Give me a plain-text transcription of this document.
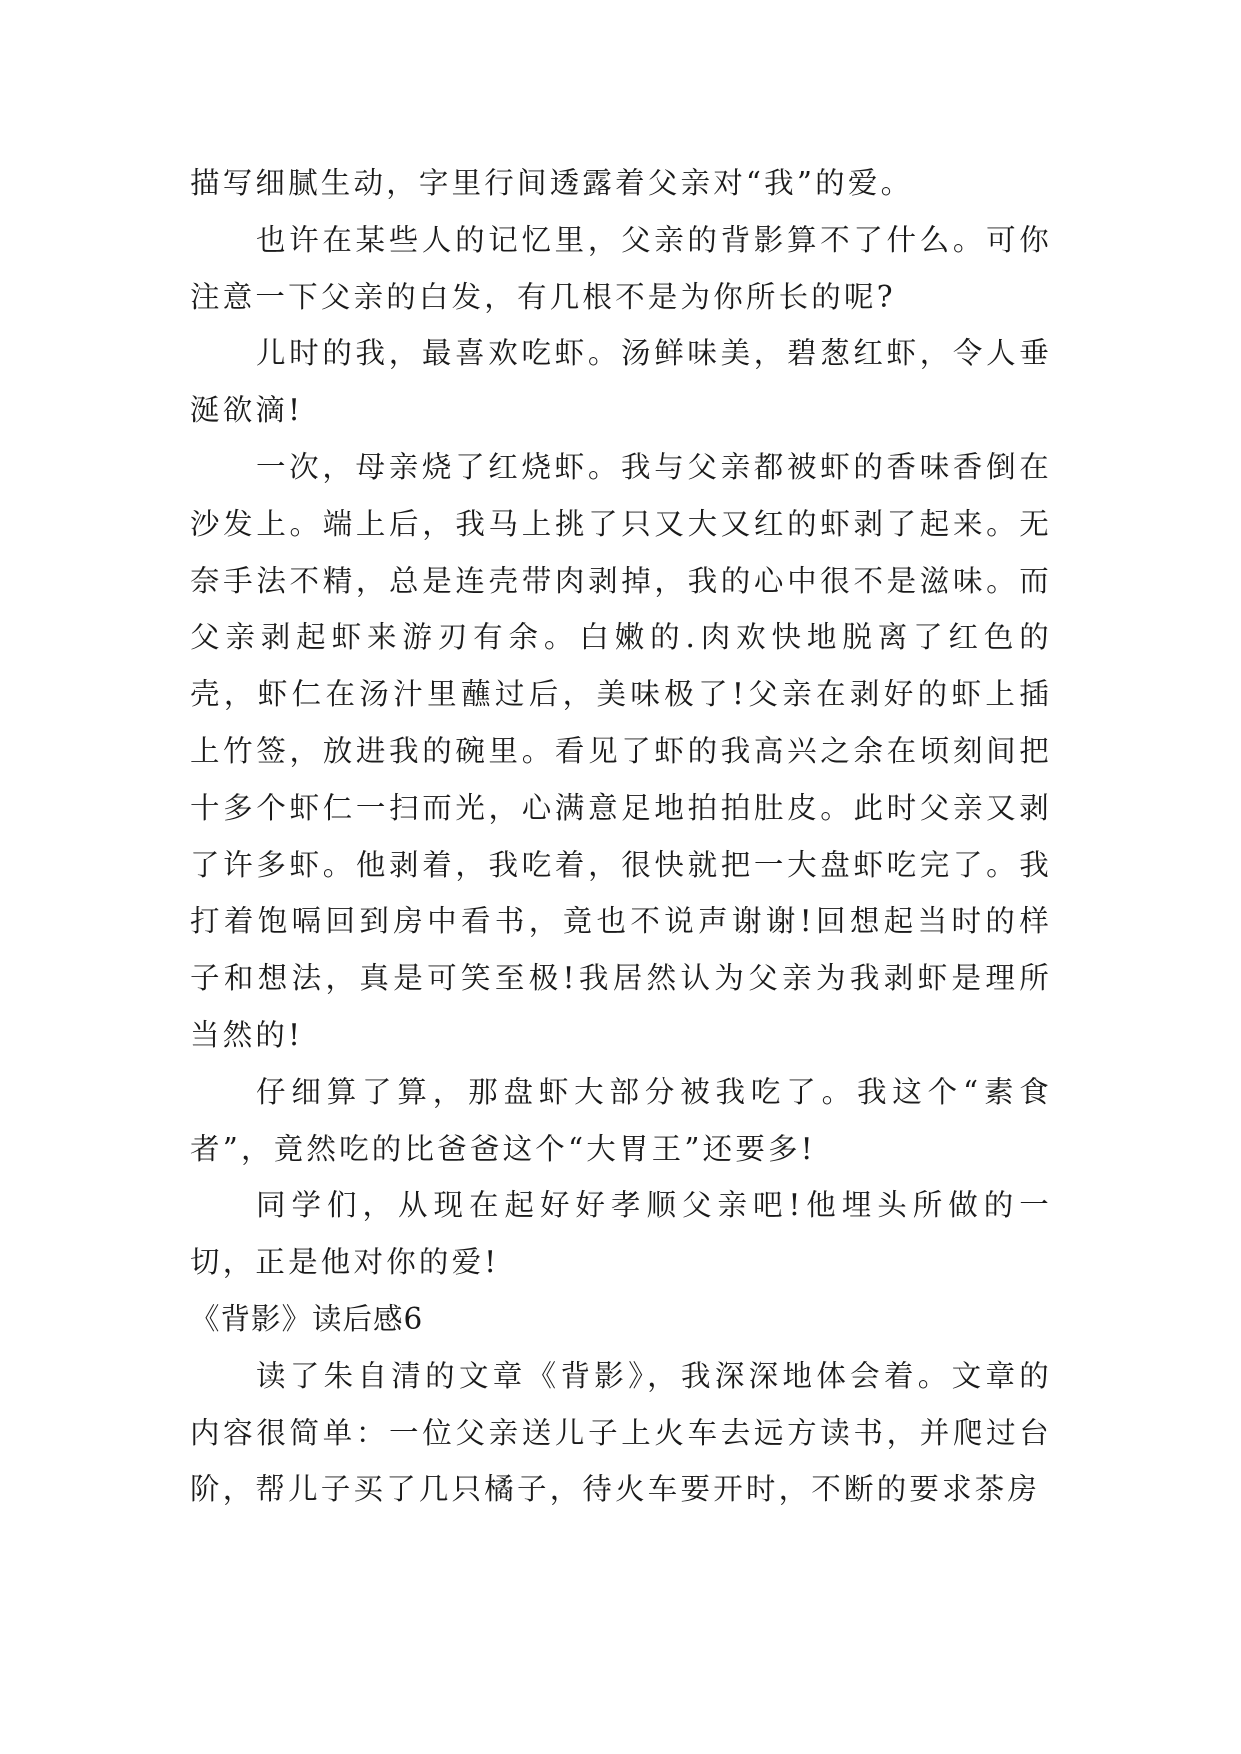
描写细腻生动，字里行间透露着父亲对“我”的爱。

也许在某些人的记忆里，父亲的背影算不了什么。可你注意一下父亲的白发，有几根不是为你所长的呢?

儿时的我，最喜欢吃虾。汤鲜味美，碧葱红虾，令人垂涎欲滴!

一次，母亲烧了红烧虾。我与父亲都被虾的香味香倒在沙发上。端上后，我马上挑了只又大又红的虾剥了起来。无奈手法不精，总是连壳带肉剥掉，我的心中很不是滋味。而父亲剥起虾来游刃有余。白嫩的.肉欢快地脱离了红色的壳，虾仁在汤汁里蘸过后，美味极了!父亲在剥好的虾上插上竹签，放进我的碗里。看见了虾的我高兴之余在顷刻间把十多个虾仁一扫而光，心满意足地拍拍肚皮。此时父亲又剥了许多虾。他剥着，我吃着，很快就把一大盘虾吃完了。我打着饱嗝回到房中看书，竟也不说声谢谢!回想起当时的样子和想法，真是可笑至极!我居然认为父亲为我剥虾是理所当然的!

仔细算了算，那盘虾大部分被我吃了。我这个“素食者”，竟然吃的比爸爸这个“大胃王”还要多!

同学们，从现在起好好孝顺父亲吧!他埋头所做的一切，正是他对你的爱!

《背影》读后感6

读了朱自清的文章《背影》，我深深地体会着。文章的内容很简单：一位父亲送儿子上火车去远方读书，并爬过台阶，帮儿子买了几只橘子，待火车要开时，不断的要求茶房
